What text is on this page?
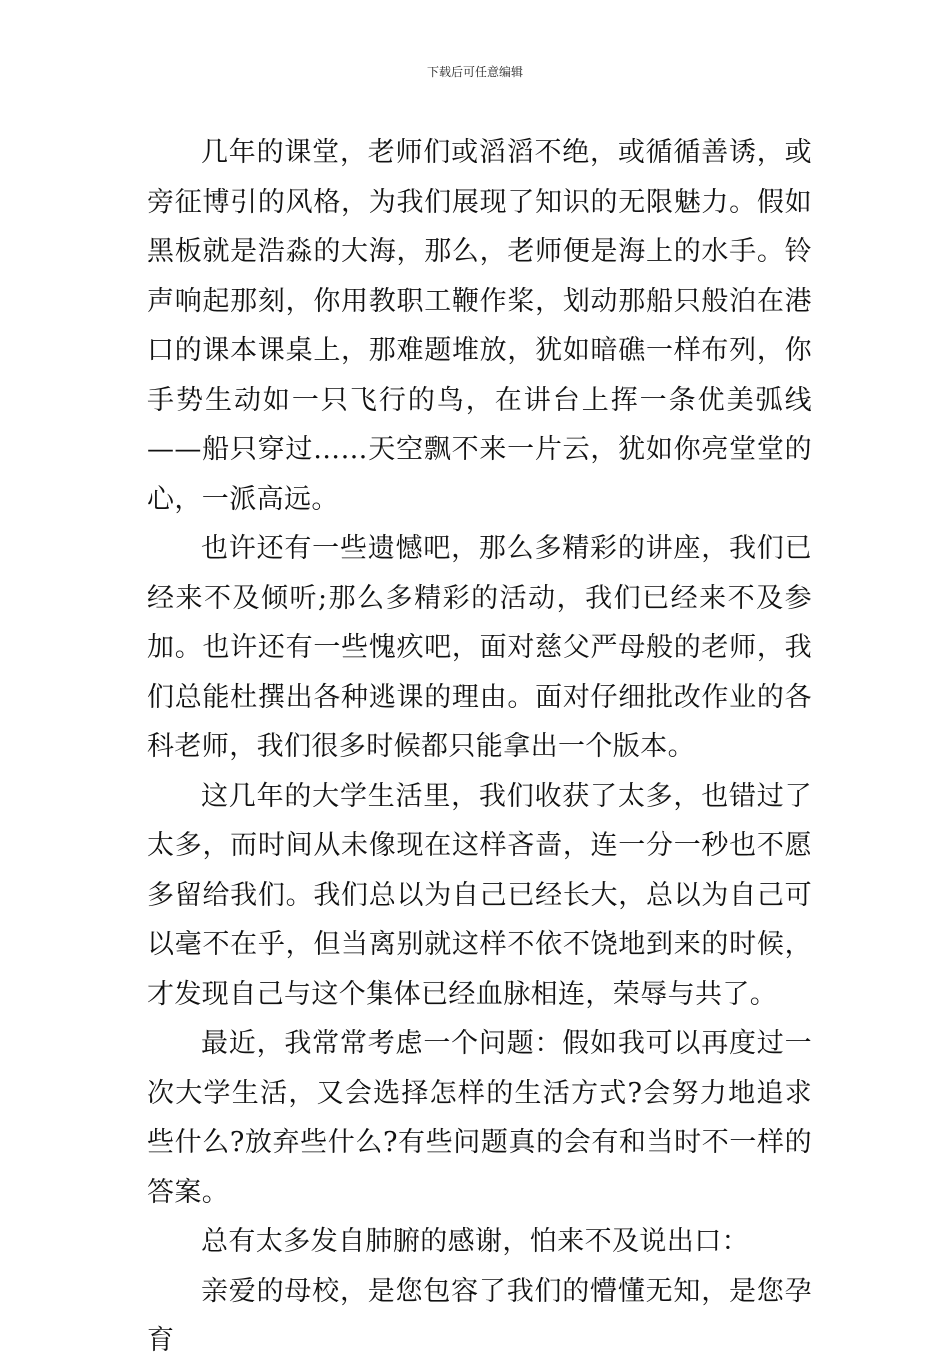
下载后可任意编辑

几年的课堂，老师们或滔滔不绝，或循循善诱，或旁征博引的风格，为我们展现了知识的无限魅力。假如黑板就是浩淼的大海，那么，老师便是海上的水手。铃声响起那刻，你用教职工鞭作桨，划动那船只般泊在港口的课本课桌上，那难题堆放，犹如暗礁一样布列，你手势生动如一只飞行的鸟，在讲台上挥一条优美弧线——船只穿过……天空飘不来一片云，犹如你亮堂堂的心，一派高远。

也许还有一些遗憾吧，那么多精彩的讲座，我们已经来不及倾听;那么多精彩的活动，我们已经来不及参加。也许还有一些愧疚吧，面对慈父严母般的老师，我们总能杜撰出各种逃课的理由。面对仔细批改作业的各科老师，我们很多时候都只能拿出一个版本。

这几年的大学生活里，我们收获了太多，也错过了太多，而时间从未像现在这样吝啬，连一分一秒也不愿多留给我们。我们总以为自己已经长大，总以为自己可以毫不在乎，但当离别就这样不依不饶地到来的时候，才发现自己与这个集体已经血脉相连，荣辱与共了。

最近，我常常考虑一个问题：假如我可以再度过一次大学生活，又会选择怎样的生活方式?会努力地追求些什么?放弃些什么?有些问题真的会有和当时不一样的答案。

总有太多发自肺腑的感谢，怕来不及说出口：

亲爱的母校，是您包容了我们的懵懂无知，是您孕育
